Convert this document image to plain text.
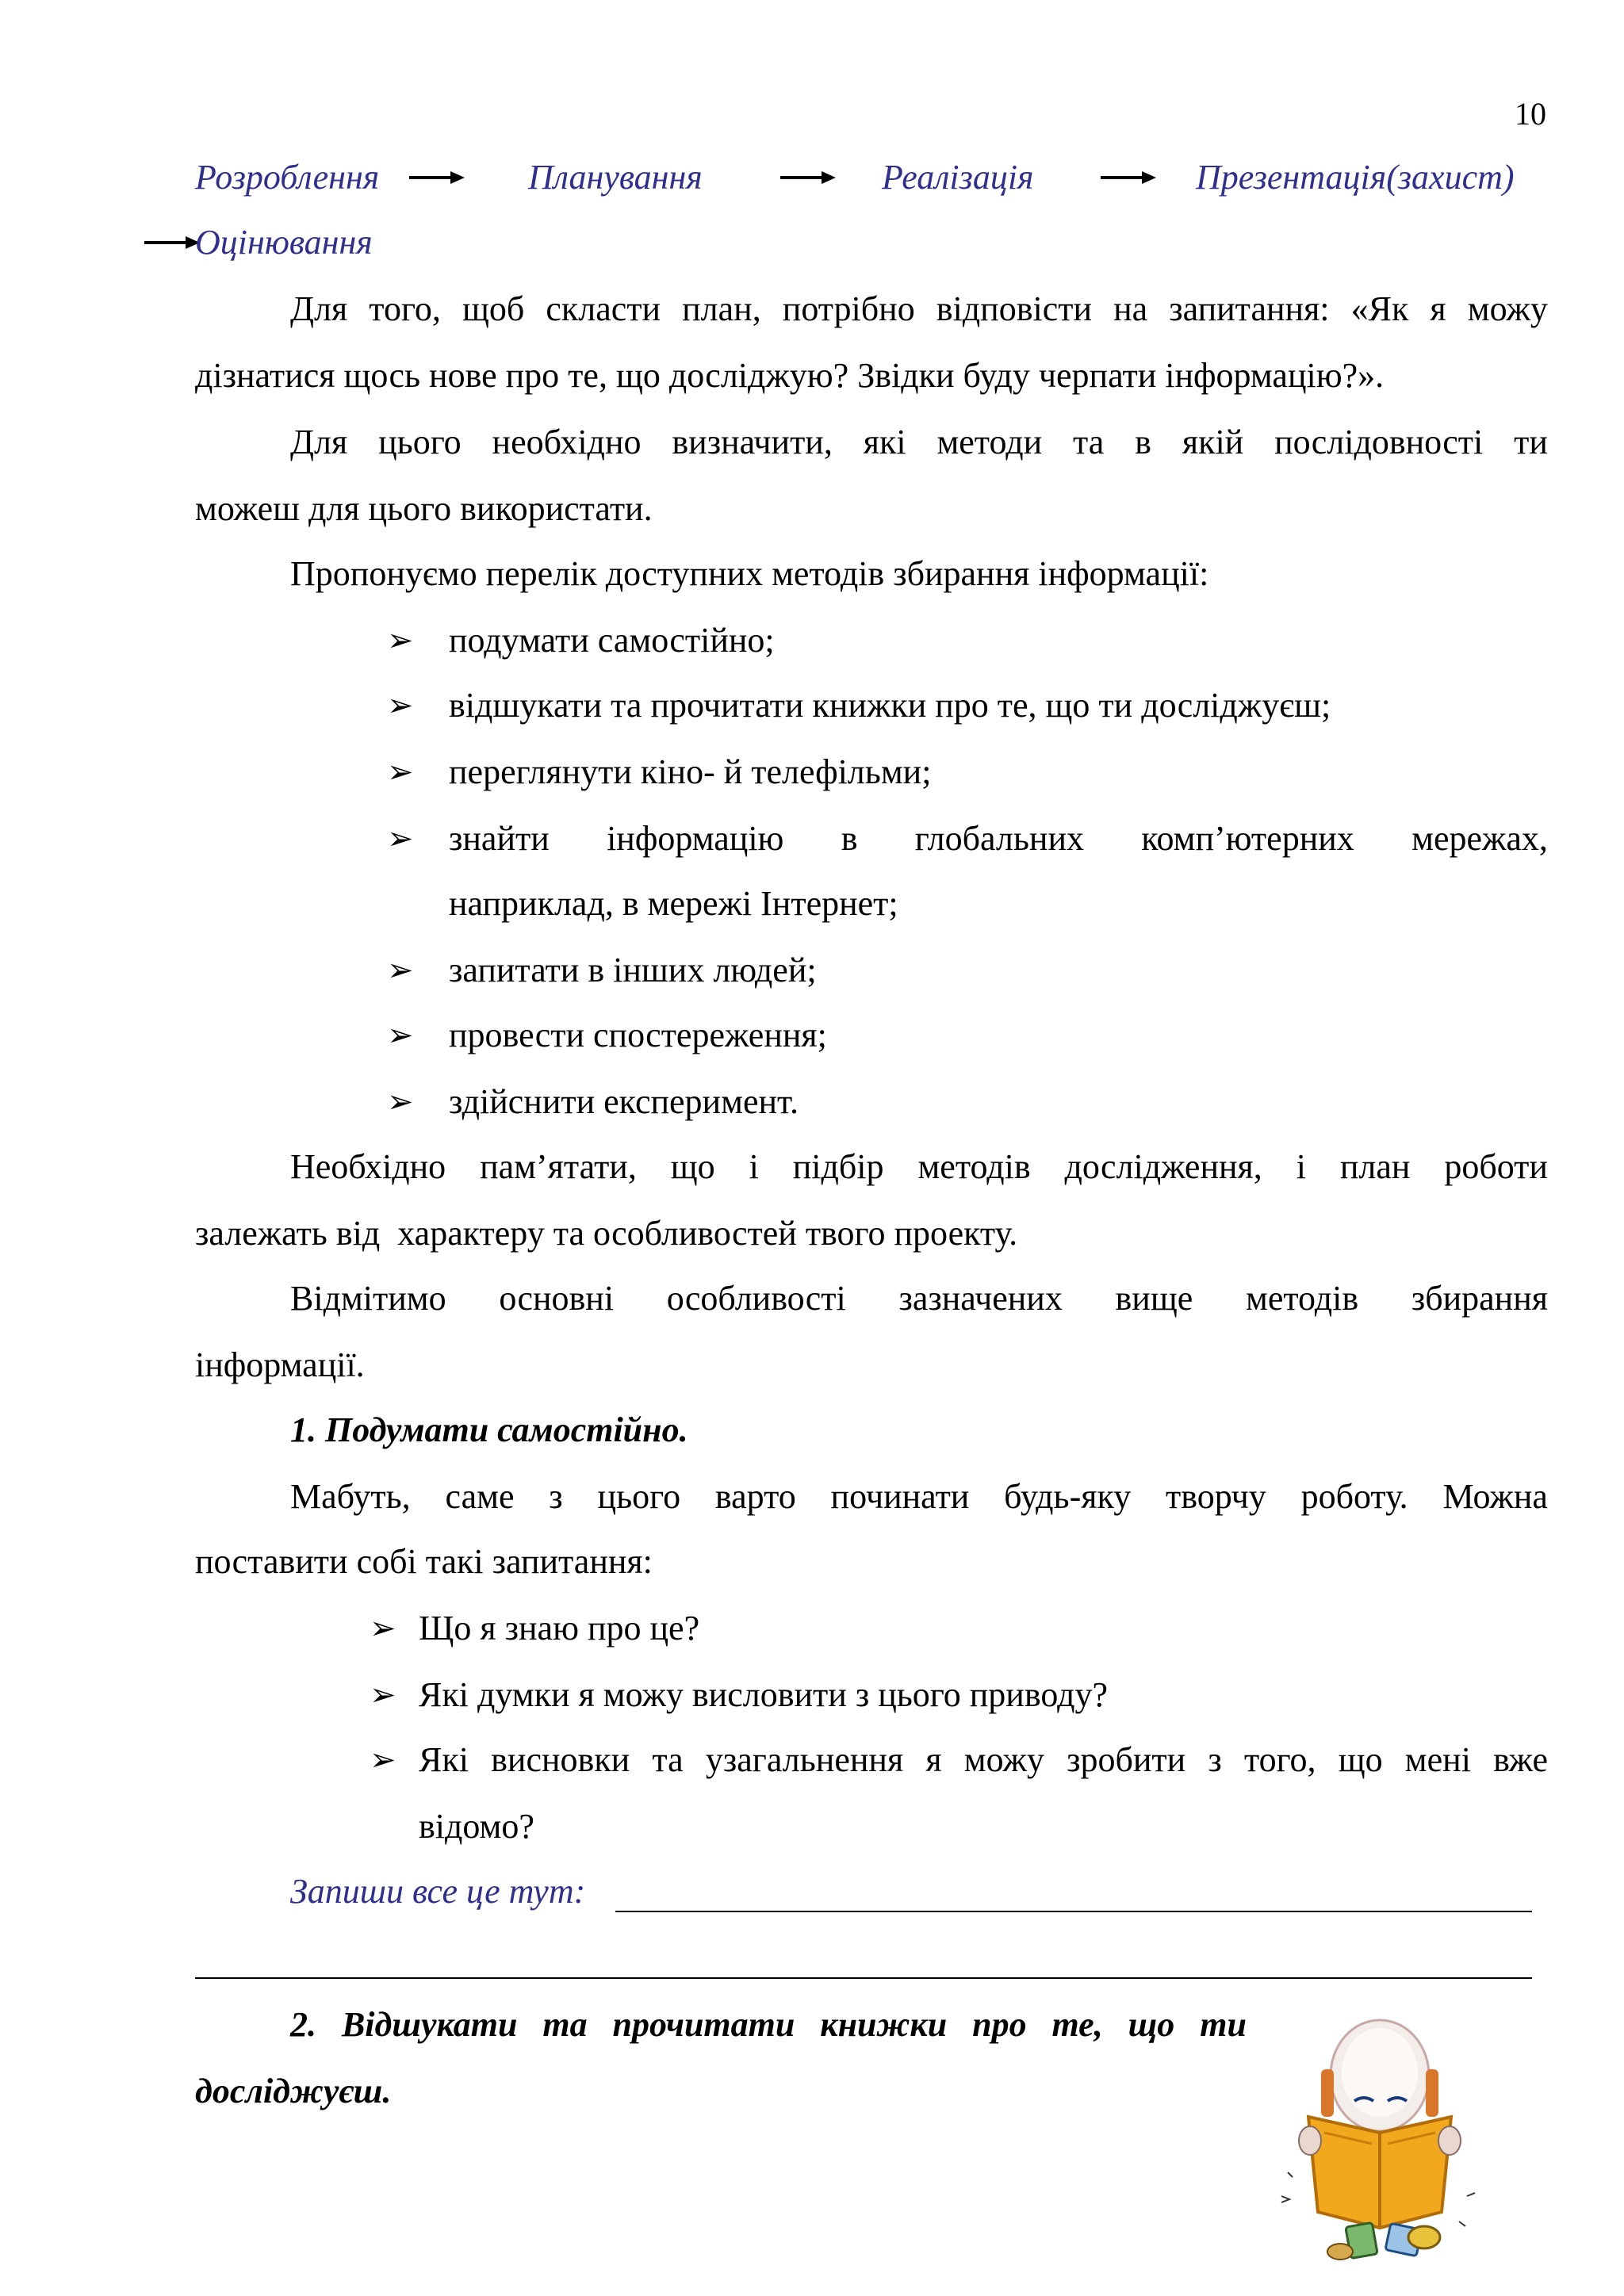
10
Розроблення	Планування	Реалізація	Презентація(захист)
Оцінювання
Для того, щоб скласти план, потрібно відповісти на запитання: «Як я можу
дізнатися щось нове про те, що досліджую? Звідки буду черпати інформацію?».
Для цього необхідно визначити, які методи та в якій послідовності ти
можеш для цього використати.
Пропонуємо перелік доступних методів збирання інформації:
➢ подумати самостійно;
➢ відшукати та прочитати книжки про те, що ти досліджуєш;
➢ переглянути кіно- й телефільми;
➢ знайти інформацію в глобальних комп’ютерних мережах,
наприклад, в мережі Інтернет;
➢ запитати в інших людей;
➢ провести спостереження;
➢ здійснити експеримент.
Необхідно пам’ятати, що і підбір методів дослідження, і план роботи
залежать від  характеру та особливостей твого проекту.
Відмітимо основні особливості зазначених вище методів збирання
інформації.
1. Подумати самостійно.
Мабуть, саме з цього варто починати будь-яку творчу роботу. Можна
поставити собі такі запитання:
➢ Що я знаю про це?
➢ Які думки я можу висловити з цього приводу?
➢ Які висновки та узагальнення я можу зробити з того, що мені вже
відомо?
Запиши все це тут:
2. Відшукати та прочитати книжки про те, що ти
досліджуєш.
